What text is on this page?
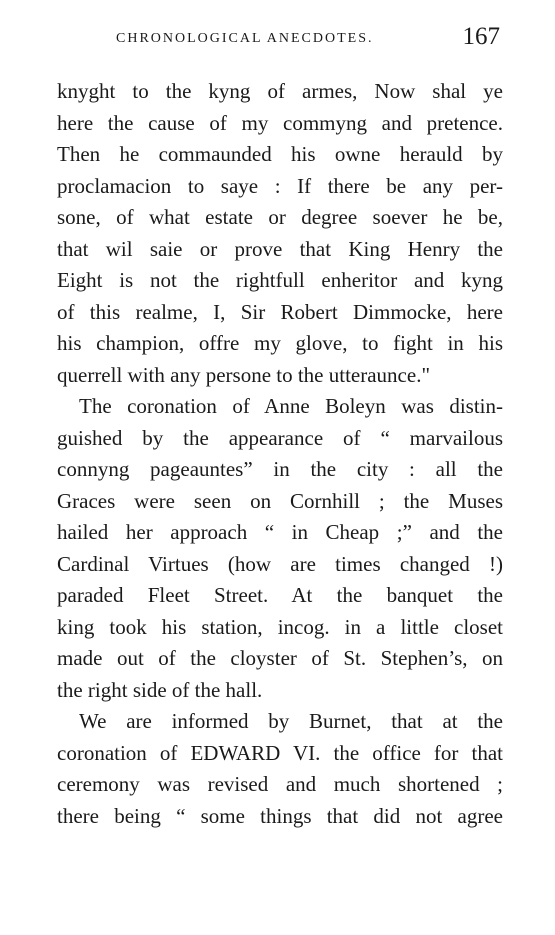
CHRONOLOGICAL ANECDOTES.	167
knyght to the kyng of armes, Now shal ye
here the cause of my commyng and pretence.
Then he commaunded his owne herauld by
proclamacion to saye : If there be any per-
sone, of what estate or degree soever he be,
that wil saie or prove that King Henry the
Eight is not the rightfull enheritor and kyng
of this realme, I, Sir Robert Dimmocke, here
his champion, offre my glove, to fight in his
querrell with any persone to the utteraunce."
The coronation of Anne Boleyn was distin-
guished by the appearance of “ marvailous
connyng pageauntes” in the city : all the
Graces were seen on Cornhill ; the Muses
hailed her approach “ in Cheap ;” and the
Cardinal Virtues (how are times changed !)
paraded Fleet Street. At the banquet the
king took his station, incog. in a little closet
made out of the cloyster of St. Stephen’s, on
the right side of the hall.
We are informed by Burnet, that at the
coronation of EDWARD VI. the office for that
ceremony was revised and much shortened ;
there being “ some things that did not agree
